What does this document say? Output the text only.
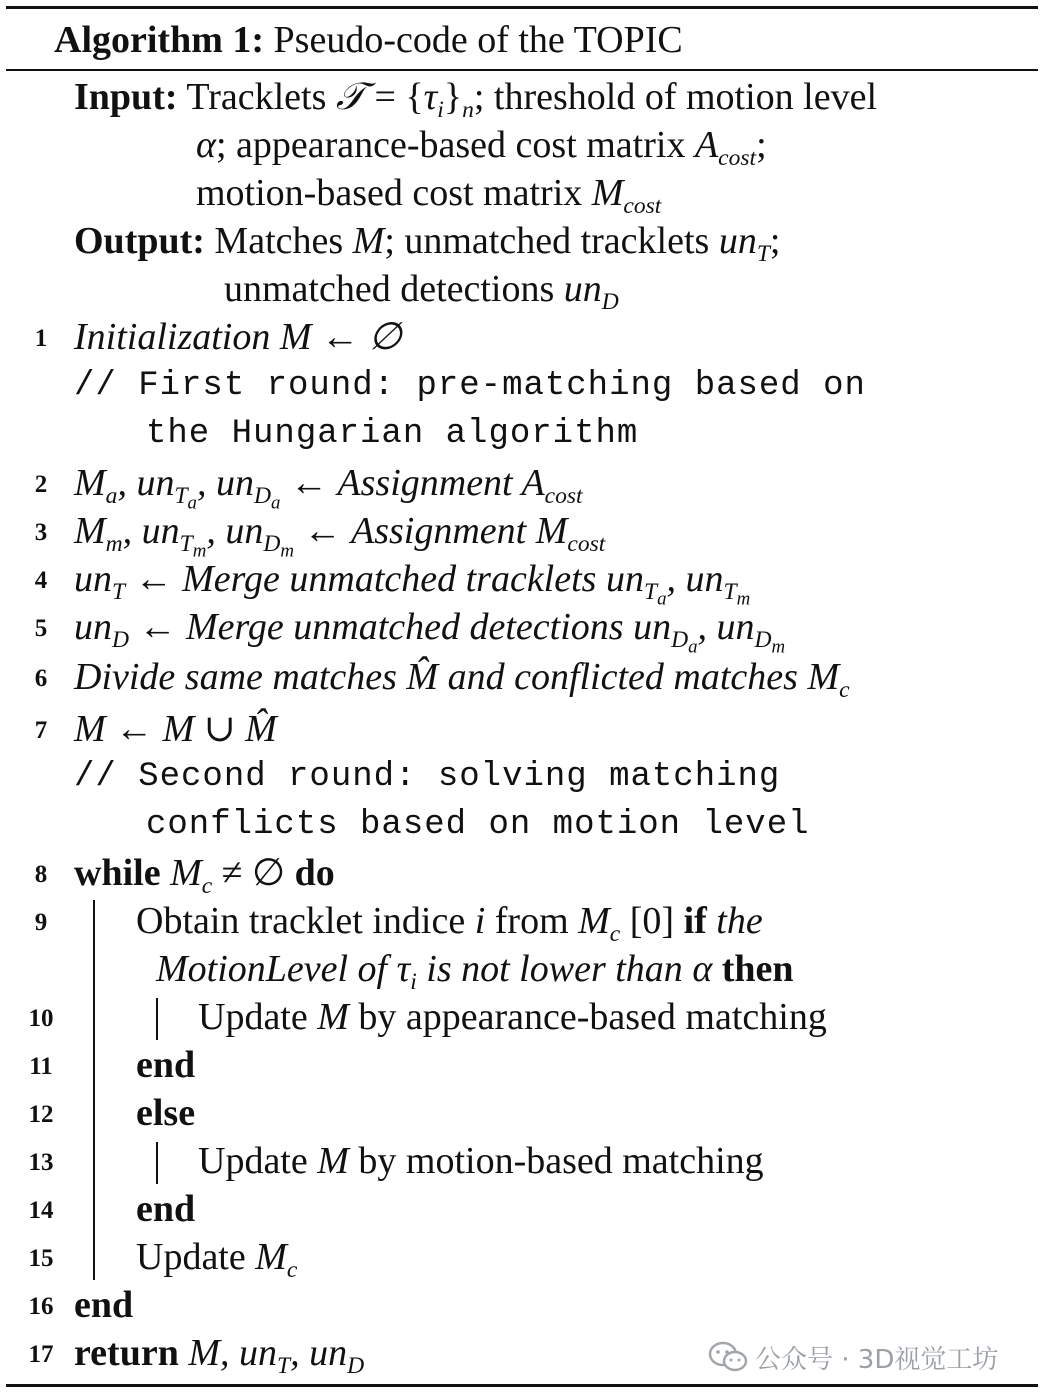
Algorithm 1: Pseudo-code of the TOPIC
Input: Tracklets 𝒯 = $\{\tau_i\}_n$; threshold of motion level
α; appearance-based cost matrix $A_{cost}$;
motion-based cost matrix $M_{cost}$
Output: Matches M; unmatched tracklets $un_T$;
unmatched detections $un_D$
1
2
3
4
5
6
7
8
9
10
11
12
13
14
15
16
17
Initialization M ← ∅
// First round: pre-matching based on
the Hungarian algorithm
$M_a$, $un_{T_a}$, $un_{D_a}$ ← Assignment $A_{cost}$
$M_m$, $un_{T_m}$, $un_{D_m}$ ← Assignment $M_{cost}$
$un_T$ ← Merge unmatched tracklets $un_{T_a}$, $un_{T_m}$
$un_D$ ← Merge unmatched detections $un_{D_a}$, $un_{D_m}$
Divide same matches M̂ and conflicted matches $M_c$
M ← M ∪ M̂
// Second round: solving matching
conflicts based on motion level
while $M_c$ ≠ ∅ do
Obtain tracklet indice i from $M_c$ [0] if the
MotionLevel of $\tau_i$ is not lower than α then
Update M by appearance-based matching
end
else
Update M by motion-based matching
end
Update $M_c$
end
return M, $un_T$, $un_D$	公众号 · 3D视觉工坊
